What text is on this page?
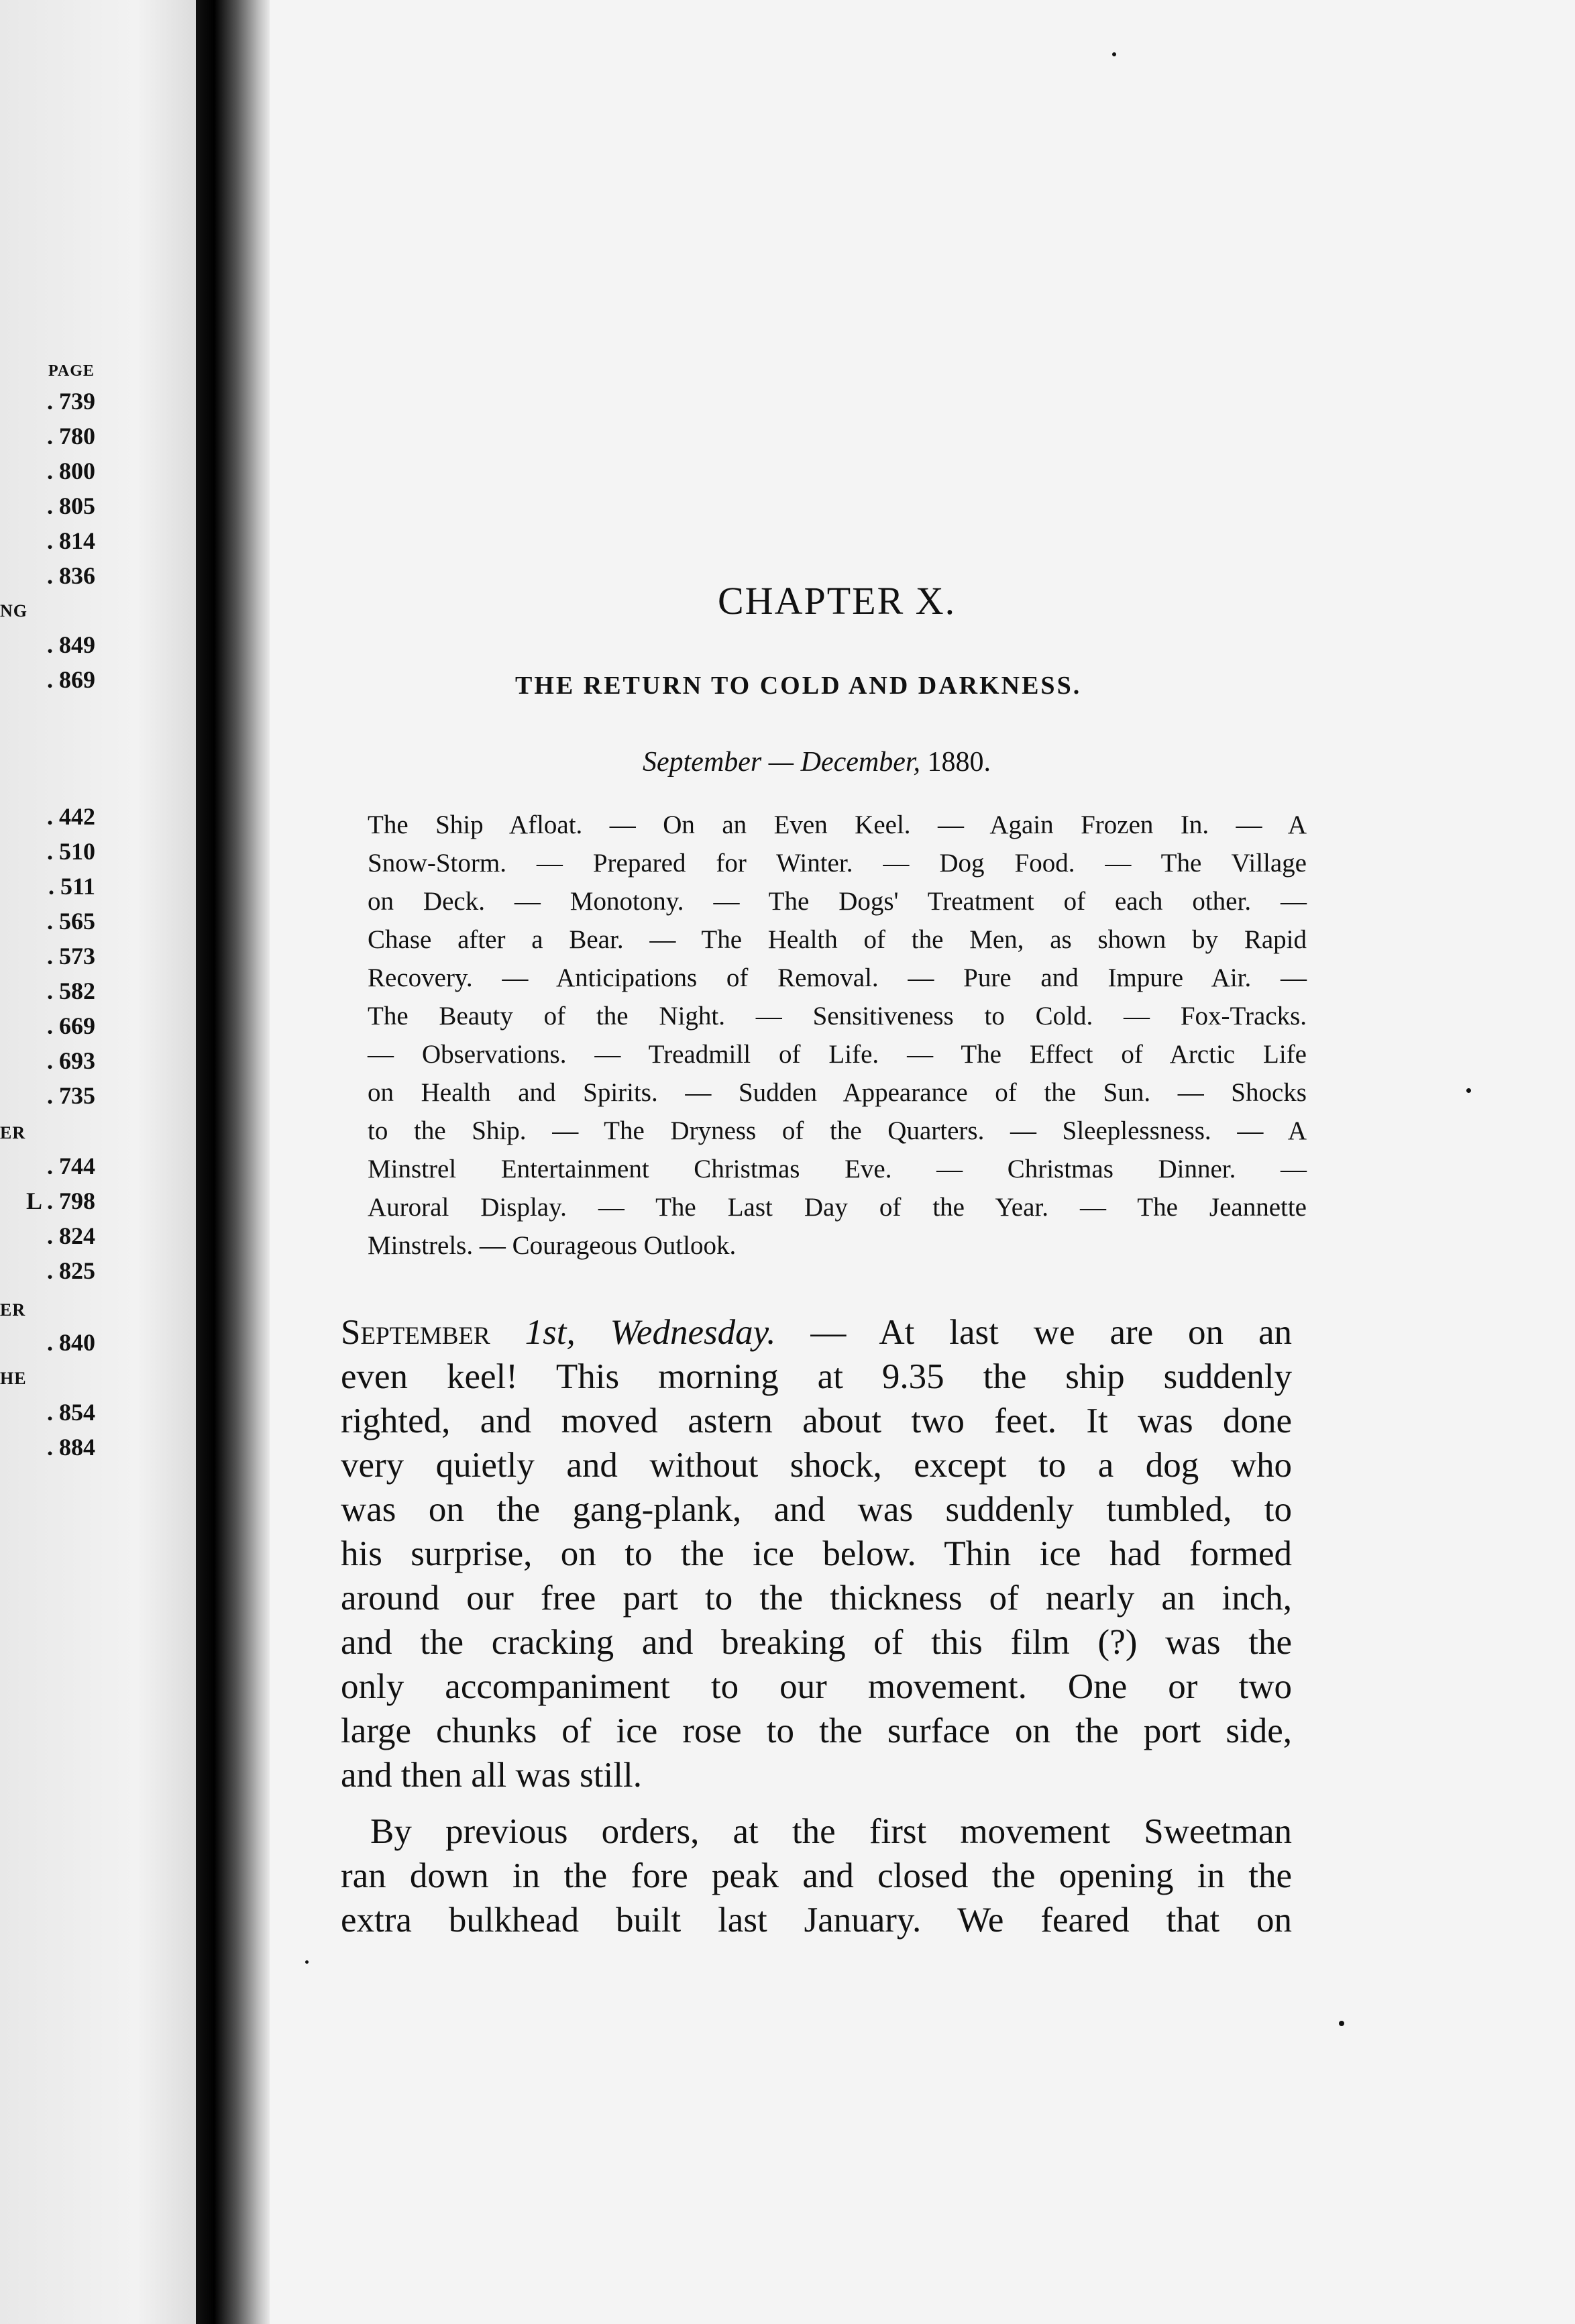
PAGE
. 739
. 780
. 800
. 805
. 814
. 836
NG
. 849
. 869
. 442
. 510
. 511
. 565
. 573
. 582
. 669
. 693
. 735
ER
. 744
L . 798
. 824
. 825
ER
. 840
HE
. 854
. 884
CHAPTER X.
THE RETURN TO COLD AND DARKNESS.
September — December, 1880.
The Ship Afloat. — On an Even Keel. — Again Frozen In. — A
Snow-Storm. — Prepared for Winter. — Dog Food. — The Village
on Deck. — Monotony. — The Dogs' Treatment of each other. —
Chase after a Bear. — The Health of the Men, as shown by Rapid
Recovery. — Anticipations of Removal. — Pure and Impure Air. —
The Beauty of the Night. — Sensitiveness to Cold. — Fox-Tracks.
— Observations. — Treadmill of Life. — The Effect of Arctic Life
on Health and Spirits. — Sudden Appearance of the Sun. — Shocks
to the Ship. — The Dryness of the Quarters. — Sleeplessness. — A
Minstrel Entertainment Christmas Eve. — Christmas Dinner. —
Auroral Display. — The Last Day of the Year. — The Jeannette
Minstrels. — Courageous Outlook.
September 1st, Wednesday. — At last we are on an
even keel! This morning at 9.35 the ship suddenly
righted, and moved astern about two feet. It was done
very quietly and without shock, except to a dog who
was on the gang-plank, and was suddenly tumbled, to
his surprise, on to the ice below. Thin ice had formed
around our free part to the thickness of nearly an inch,
and the cracking and breaking of this film (?) was the
only accompaniment to our movement. One or two
large chunks of ice rose to the surface on the port side,
and then all was still.
By previous orders, at the first movement Sweetman
ran down in the fore peak and closed the opening in the
extra bulkhead built last January. We feared that on
